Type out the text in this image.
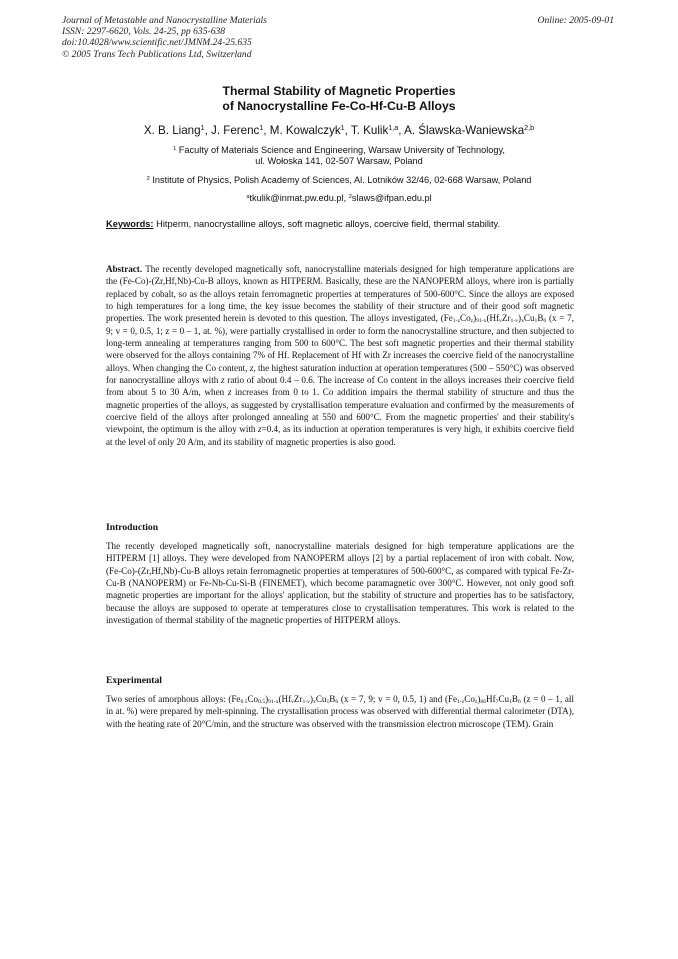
Journal of Metastable and Nanocrystalline Materials
ISSN: 2297-6620, Vols. 24-25, pp 635-638
doi:10.4028/www.scientific.net/JMNM.24-25.635
© 2005 Trans Tech Publications Ltd, Switzerland
Online: 2005-09-01
Thermal Stability of Magnetic Properties
of Nanocrystalline Fe-Co-Hf-Cu-B Alloys
X. B. Liang$^1$, J. Ferenc$^1$, M. Kowalczyk$^1$, T. Kulik$^{1,a}$, A. Ślawska-Waniewska$^{2,b}$
$^1$ Faculty of Materials Science and Engineering, Warsaw University of Technology,
ul. Wołoska 141, 02-507 Warsaw, Poland
$^2$ Institute of Physics, Polish Academy of Sciences, Al. Lotników 32/46, 02-668 Warsaw, Poland
$^a$tkulik@inmat.pw.edu.pl, $^2$slaws@ifpan.edu.pl
Keywords: Hitperm, nanocrystalline alloys, soft magnetic alloys, coercive field, thermal stability.

Abstract. The recently developed magnetically soft, nanocrystalline materials designed for high temperature applications are the (Fe-Co)-(Zr,Hf,Nb)-Cu-B alloys, known as HITPERM. Basically, these are the NANOPERM alloys, where iron is partially replaced by cobalt, so as the alloys retain ferromagnetic properties at temperatures of 500-600°C. Since the alloys are exposed to high temperatures for a long time, the key issue becomes the stability of their structure and of their good soft magnetic properties. The work presented herein is devoted to this question. The alloys investigated, $(Fe_{1-z}Co_z)_{91-x}(Hf_vZr_{1-v})_xCu_1B_6$ (x = 7, 9; v = 0, 0.5, 1; z = 0 – 1, at. %), were partially crystallised in order to form the nanocrystalline structure, and then subjected to long-term annealing at temperatures ranging from 500 to 600°C. The best soft magnetic properties and their thermal stability were observed for the alloys containing 7% of Hf. Replacement of Hf with Zr increases the coercive field of the nanocrystalline alloys. When changing the Co content, z, the highest saturation induction at operation temperatures (500 – 550°C) was observed for nanocrystalline alloys with z ratio of about 0.4 – 0.6. The increase of Co content in the alloys increases their coercive field from about 5 to 30 A/m, when z increases from 0 to 1. Co addition impairs the thermal stability of structure and thus the magnetic properties of the alloys, as suggested by crystallisation temperature evaluation and confirmed by the measurements of coercive field of the alloys after prolonged annealing at 550 and 600°C. From the magnetic properties' and their stability's viewpoint, the optimum is the alloy with z=0.4, as its induction at operation temperatures is very high, it exhibits coercive field at the level of only 20 A/m, and its stability of magnetic properties is also good.

Introduction

The recently developed magnetically soft, nanocrystalline materials designed for high temperature applications are the HITPERM [1] alloys. They were developed from NANOPERM alloys [2] by a partial replacement of iron with cobalt. Now, (Fe-Co)-(Zr,Hf,Nb)-Cu-B alloys retain ferromagnetic properties at temperatures of 500-600°C, as compared with typical Fe-Zr-Cu-B (NANOPERM) or Fe-Nb-Cu-Si-B (FINEMET), which become paramagnetic over 300°C. However, not only good soft magnetic properties are important for the alloys' application, but the stability of structure and properties has to be satisfactory, because the alloys are supposed to operate at temperatures close to crystallisation temperatures. This work is related to the investigation of thermal stability of the magnetic properties of HITPERM alloys.

Experimental

Two series of amorphous alloys: $(Fe_{0.5}Co_{0.5})_{91-x}(Hf_vZr_{1-v})_xCu_1B_6$ (x = 7, 9; v = 0, 0.5, 1) and $(Fe_{1-z}Co_z)_{86}Hf_7Cu_1B_6$ (z = 0 – 1, all in at. %) were prepared by melt-spinning. The crystallisation process was observed with differential thermal calorimeter (DTA), with the heating rate of 20°C/min, and the structure was observed with the transmission electron microscope (TEM). Grain
